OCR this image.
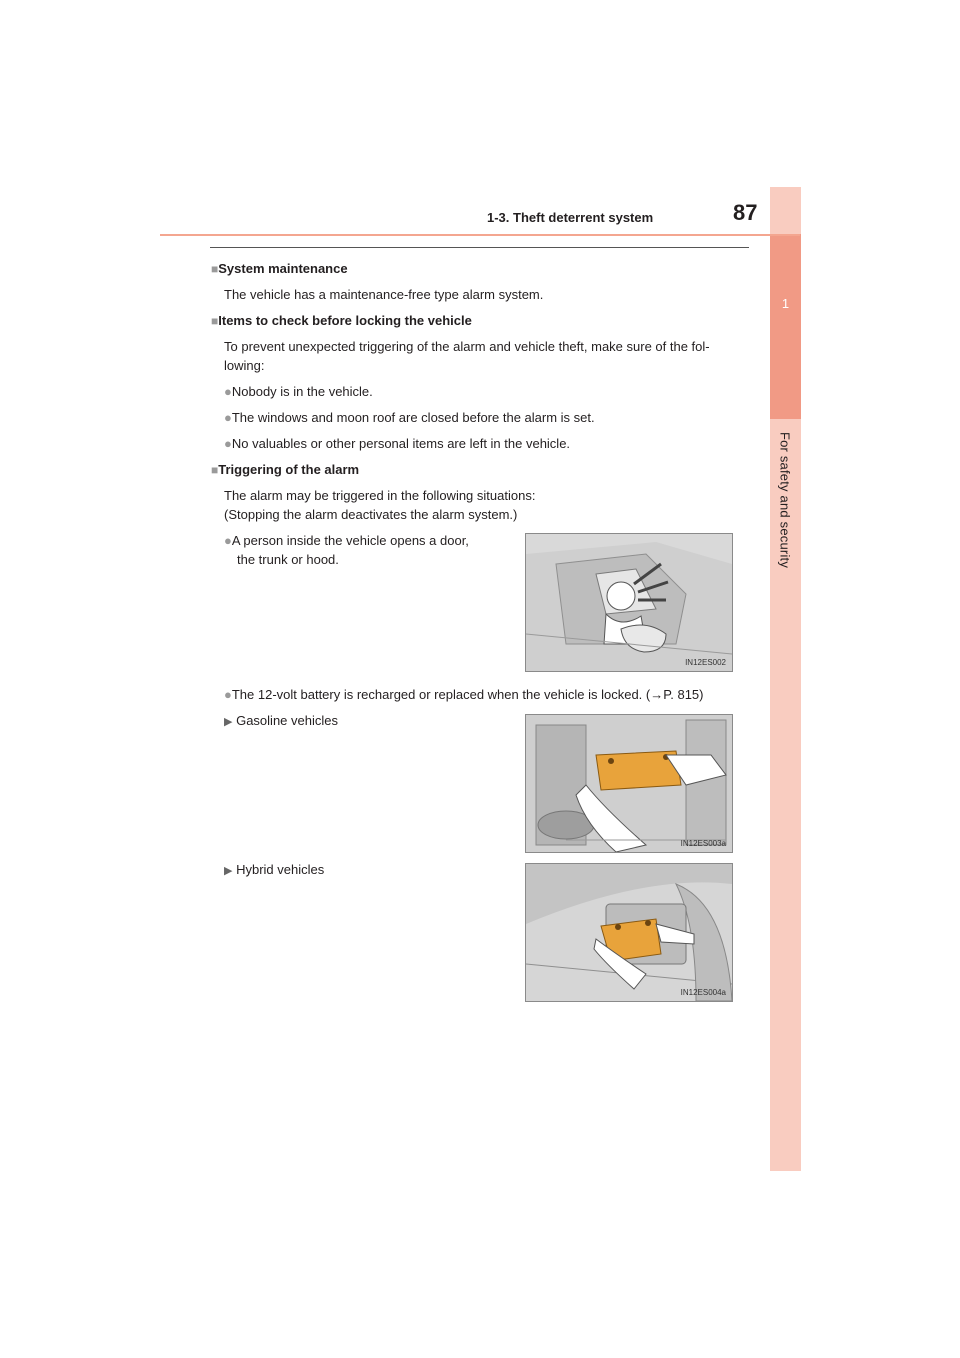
1
For safety and security
1-3. Theft deterrent system	87
■System maintenance
The vehicle has a maintenance-free type alarm system.
■Items to check before locking the vehicle
To prevent unexpected triggering of the alarm and vehicle theft, make sure of the fol-
lowing:
●Nobody is in the vehicle.
●The windows and moon roof are closed before the alarm is set.
●No valuables or other personal items are left in the vehicle.
■Triggering of the alarm
The alarm may be triggered in the following situations:
(Stopping the alarm deactivates the alarm system.)
●A person inside the vehicle opens a door,
the trunk or hood.
IN12ES002
●The 12-volt battery is recharged or replaced when the vehicle is locked. (→P. 815)
▶ Gasoline vehicles
IN12ES003a
▶ Hybrid vehicles
IN12ES004a
